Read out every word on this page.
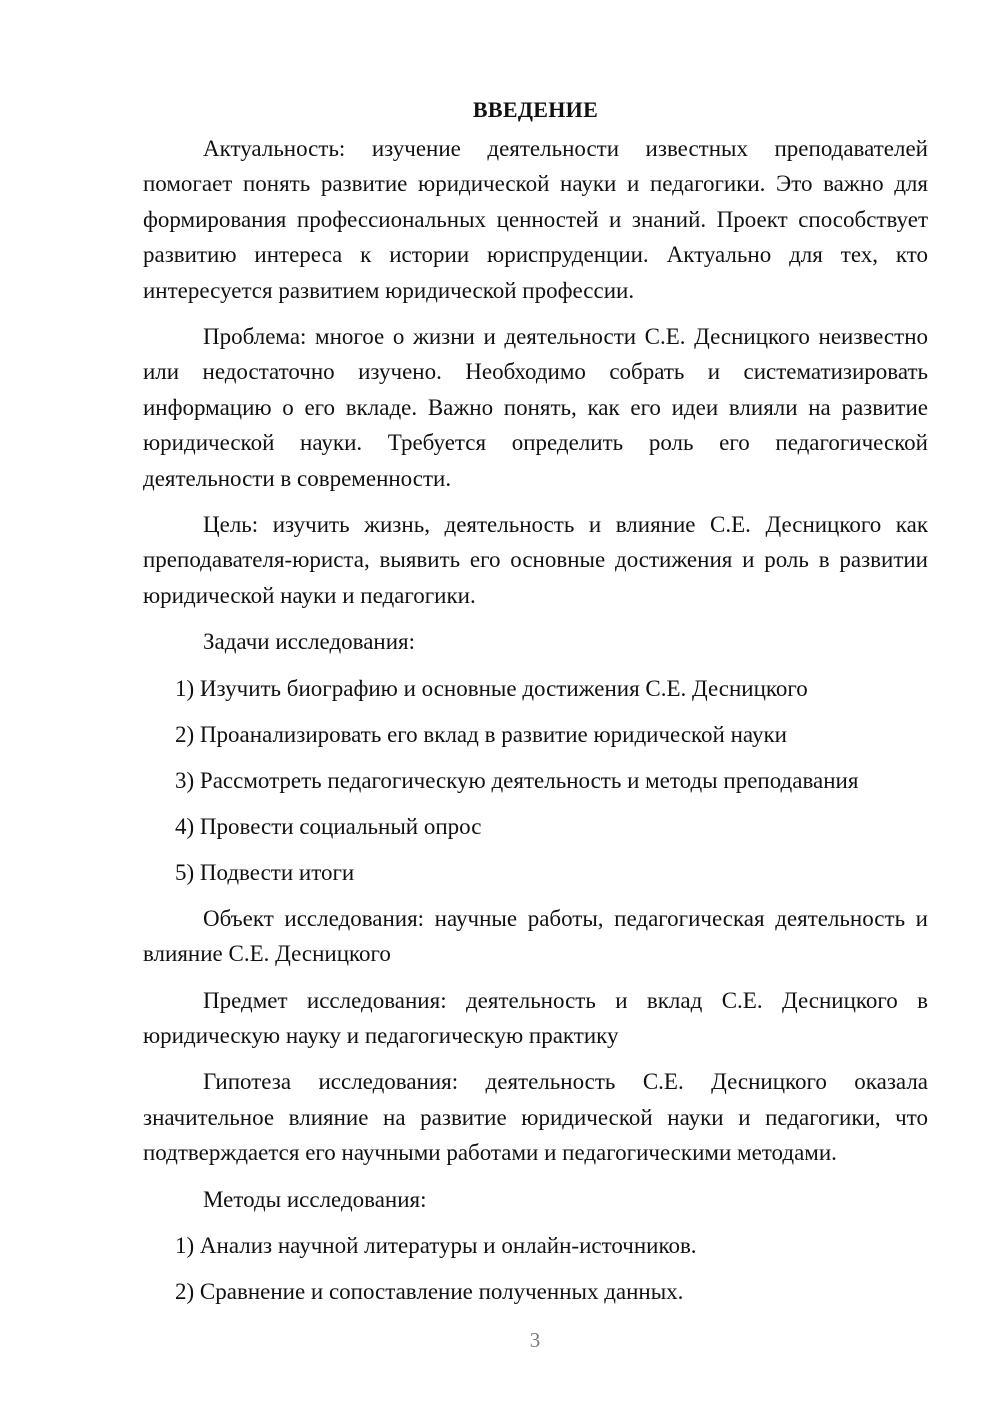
ВВЕДЕНИЕ

Актуальность: изучение деятельности известных преподавателей помогает понять развитие юридической науки и педагогики. Это важно для формирования профессиональных ценностей и знаний. Проект способствует развитию интереса к истории юриспруденции. Актуально для тех, кто интересуется развитием юридической профессии.

Проблема: многое о жизни и деятельности С.Е. Десницкого неизвестно или недостаточно изучено. Необходимо собрать и систематизировать информацию о его вкладе. Важно понять, как его идеи влияли на развитие юридической науки. Требуется определить роль его педагогической деятельности в современности.

Цель: изучить жизнь, деятельность и влияние С.Е. Десницкого как преподавателя-юриста, выявить его основные достижения и роль в развитии юридической науки и педагогики.

Задачи исследования:

1) Изучить биографию и основные достижения С.Е. Десницкого
2) Проанализировать его вклад в развитие юридической науки
3) Рассмотреть педагогическую деятельность и методы преподавания
4) Провести социальный опрос
5) Подвести итоги

Объект исследования: научные работы, педагогическая деятельность и влияние С.Е. Десницкого

Предмет исследования: деятельность и вклад С.Е. Десницкого в юридическую науку и педагогическую практику

Гипотеза исследования: деятельность С.Е. Десницкого оказала значительное влияние на развитие юридической науки и педагогики, что подтверждается его научными работами и педагогическими методами.

Методы исследования:

1) Анализ научной литературы и онлайн-источников.
2) Сравнение и сопоставление полученных данных.
3
